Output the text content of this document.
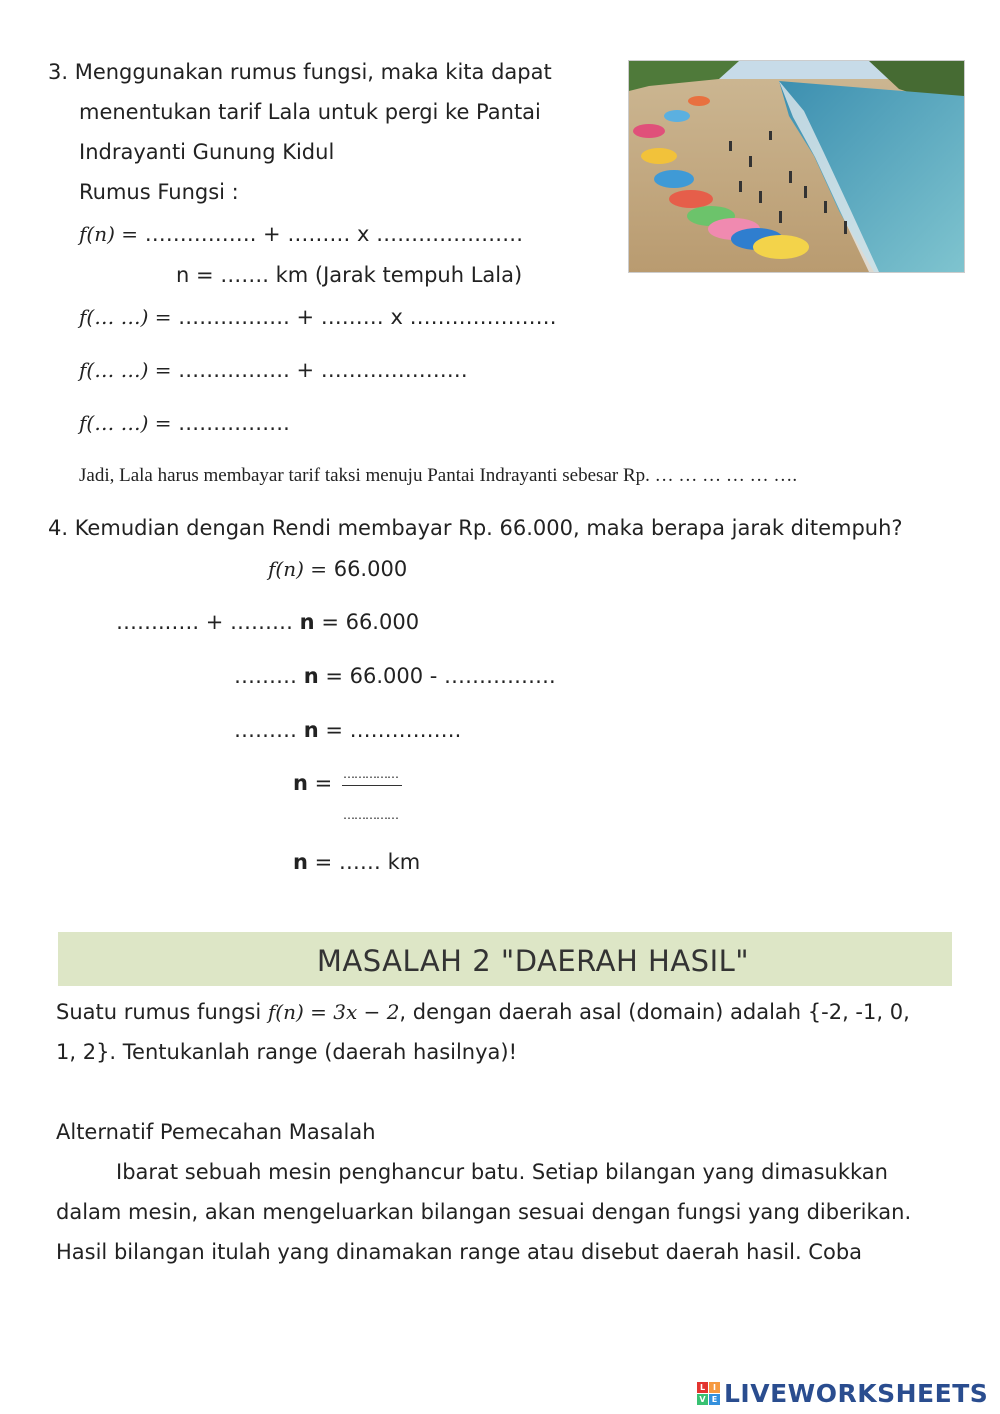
3. Menggunakan rumus fungsi, maka kita dapat
menentukan tarif Lala untuk pergi ke Pantai
Indrayanti Gunung Kidul
Rumus Fungsi :
f(n) = ……………. + ……… x …………………
n = ……. km (Jarak tempuh Lala)
f(… …) = ……………. + ……… x …………………
f(… …) = ……………. + …………………
f(… …) = …………….
Jadi, Lala harus membayar tarif taksi menuju Pantai Indrayanti sebesar Rp. … … … … … ….
4. Kemudian dengan Rendi membayar Rp. 66.000, maka berapa jarak ditempuh?
f(n) = 66.000
……..…. + ……… n = 66.000
……… n = 66.000 - …………….
……… n = …………….
n = ……………
……………
n = …… km
MASALAH 2 "DAERAH HASIL"
Suatu rumus fungsi f(n) = 3x − 2, dengan daerah asal (domain) adalah {-2, -1, 0,
1, 2}. Tentukanlah range (daerah hasilnya)!
Alternatif Pemecahan Masalah
Ibarat sebuah mesin penghancur batu. Setiap bilangan yang dimasukkan
dalam mesin, akan mengeluarkan bilangan sesuai dengan fungsi yang diberikan.
Hasil bilangan itulah yang dinamakan range atau disebut daerah hasil. Coba
L I
V E LIVEWORKSHEETS
